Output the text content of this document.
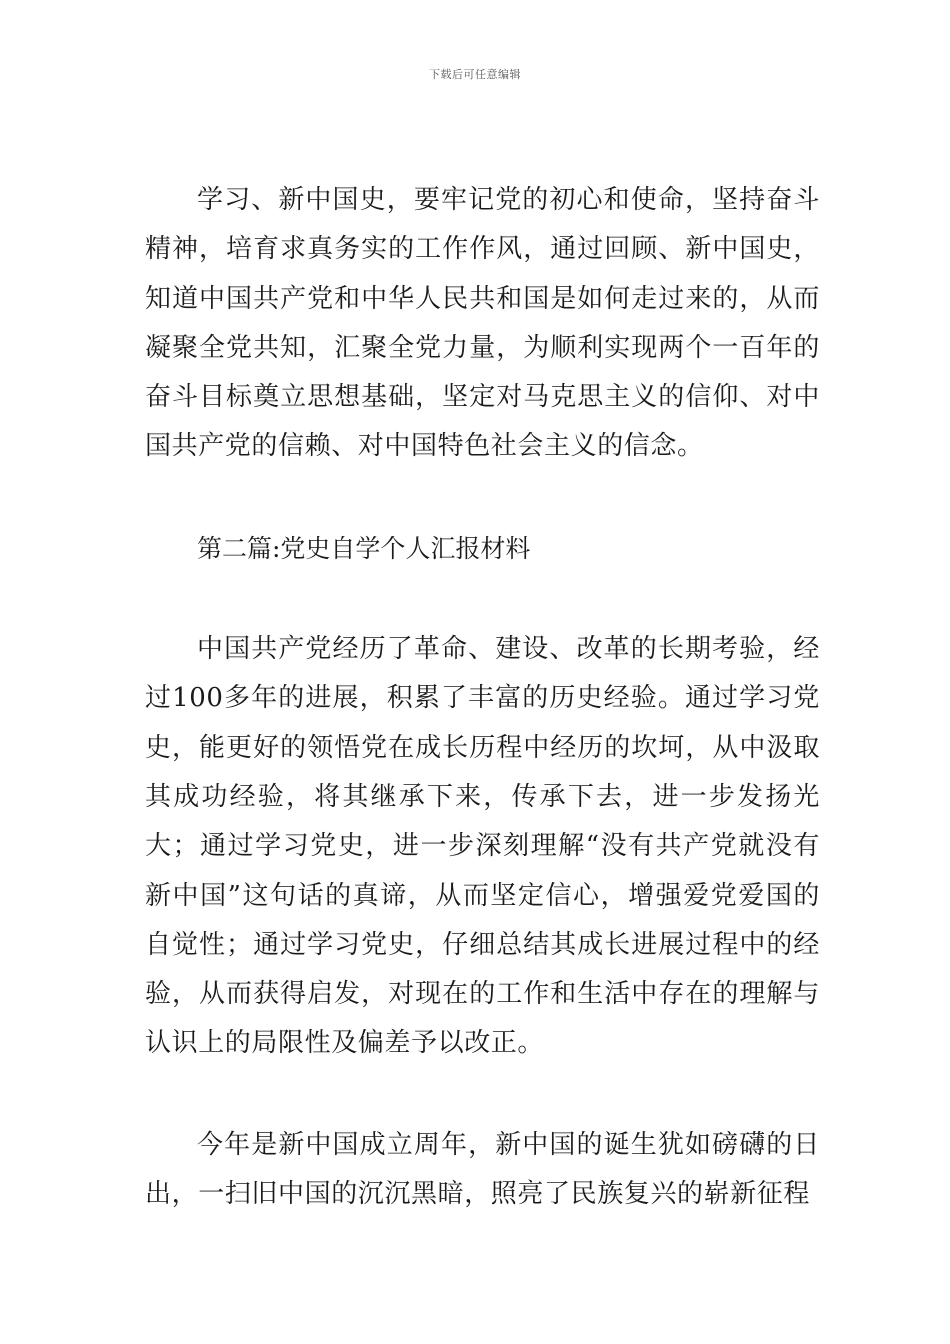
下载后可任意编辑

学习、新中国史，要牢记党的初心和使命，坚持奋斗精神，培育求真务实的工作作风，通过回顾、新中国史，知道中国共产党和中华人民共和国是如何走过来的，从而凝聚全党共知，汇聚全党力量，为顺利实现两个一百年的奋斗目标奠立思想基础，坚定对马克思主义的信仰、对中国共产党的信赖、对中国特色社会主义的信念。

第二篇:党史自学个人汇报材料

中国共产党经历了革命、建设、改革的长期考验，经过100多年的进展，积累了丰富的历史经验。通过学习党史，能更好的领悟党在成长历程中经历的坎坷，从中汲取其成功经验，将其继承下来，传承下去，进一步发扬光大；通过学习党史，进一步深刻理解“没有共产党就没有新中国”这句话的真谛，从而坚定信心，增强爱党爱国的自觉性；通过学习党史，仔细总结其成长进展过程中的经验，从而获得启发，对现在的工作和生活中存在的理解与认识上的局限性及偏差予以改正。

今年是新中国成立周年，新中国的诞生犹如磅礴的日出，一扫旧中国的沉沉黑暗，照亮了民族复兴的崭新征程
